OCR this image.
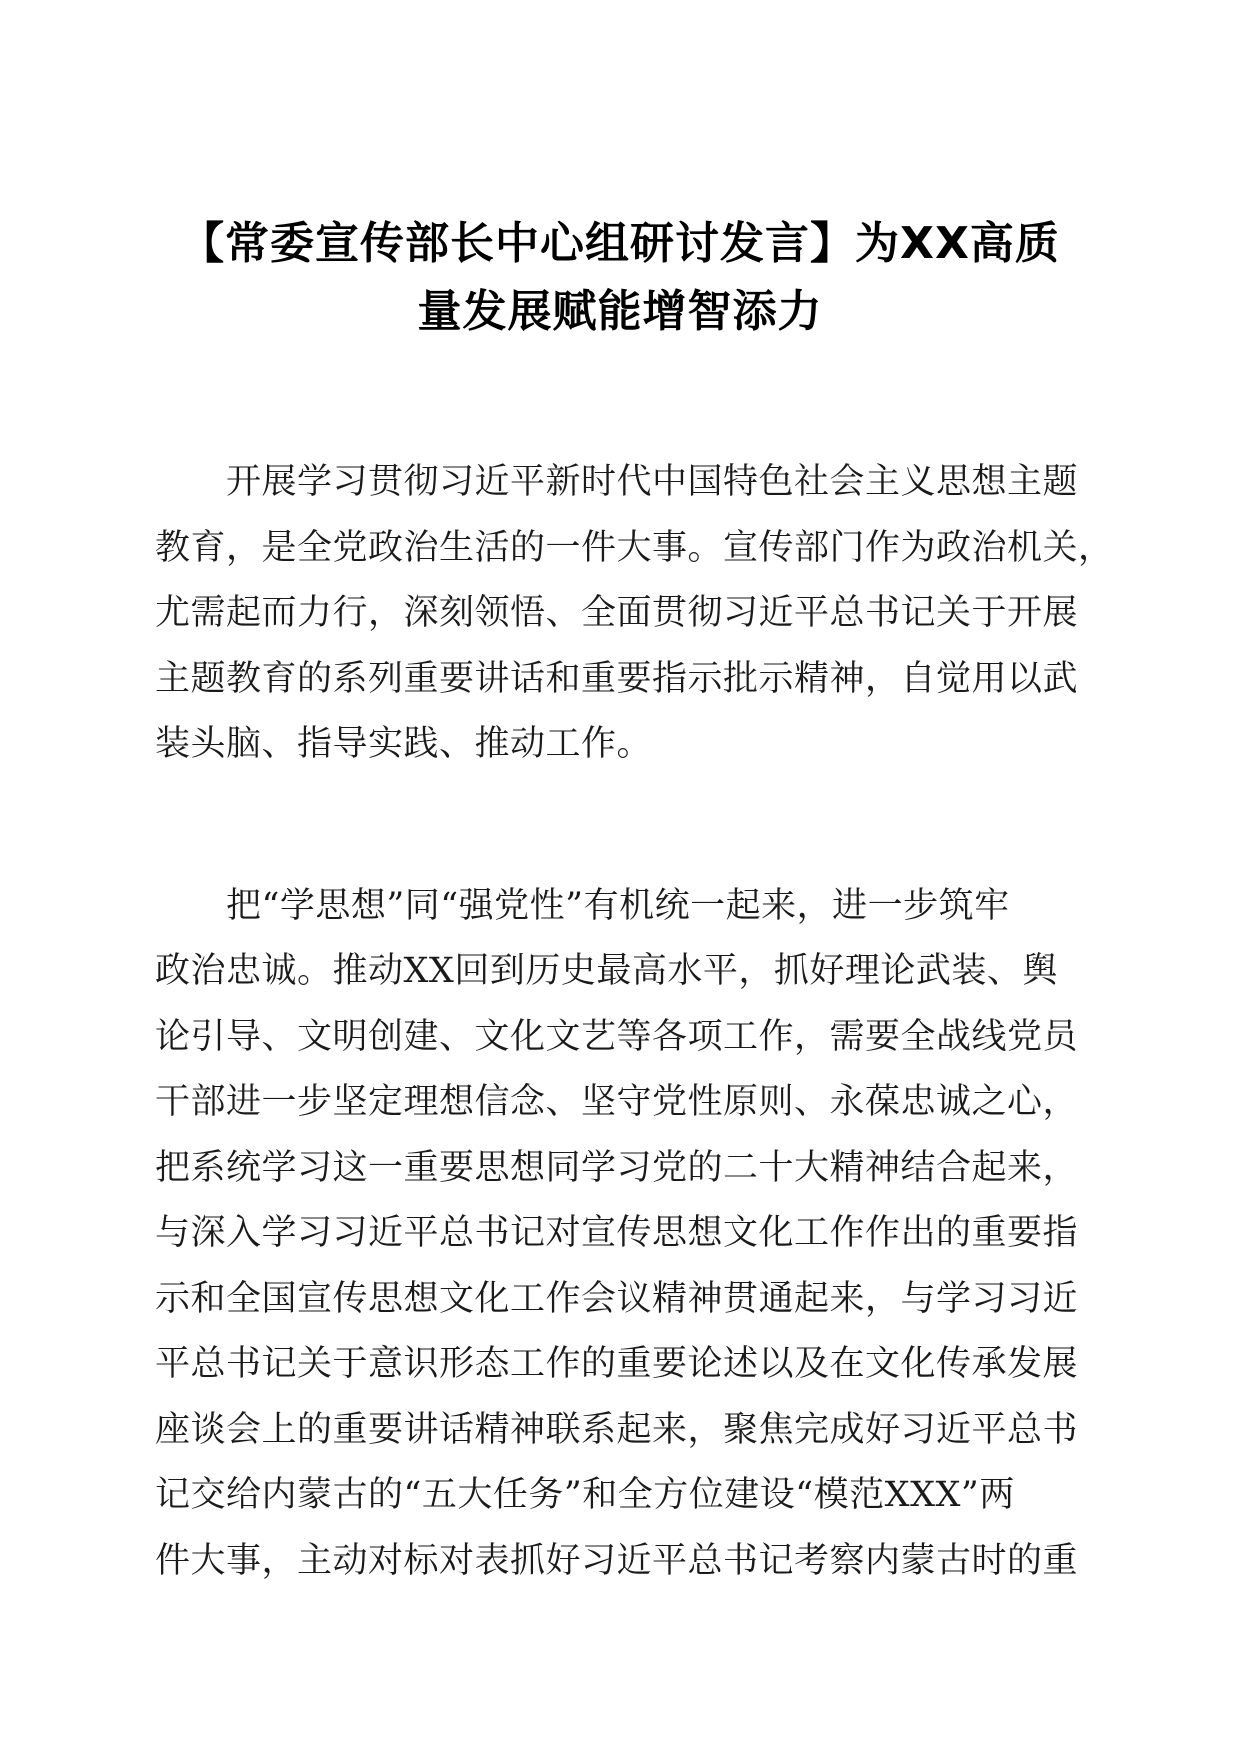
【常委宣传部长中心组研讨发言】为XX高质
量发展赋能增智添力
　　开展学习贯彻习近平新时代中国特色社会主义思想主题
教育，是全党政治生活的一件大事。宣传部门作为政治机关，
尤需起而力行，深刻领悟、全面贯彻习近平总书记关于开展
主题教育的系列重要讲话和重要指示批示精神，自觉用以武
装头脑、指导实践、推动工作。
　　把“学思想”同“强党性”有机统一起来，进一步筑牢
政治忠诚。推动XX回到历史最高水平，抓好理论武装、舆
论引导、文明创建、文化文艺等各项工作，需要全战线党员
干部进一步坚定理想信念、坚守党性原则、永葆忠诚之心，
把系统学习这一重要思想同学习党的二十大精神结合起来，
与深入学习习近平总书记对宣传思想文化工作作出的重要指
示和全国宣传思想文化工作会议精神贯通起来，与学习习近
平总书记关于意识形态工作的重要论述以及在文化传承发展
座谈会上的重要讲话精神联系起来，聚焦完成好习近平总书
记交给内蒙古的“五大任务”和全方位建设“模范XXX”两
件大事，主动对标对表抓好习近平总书记考察内蒙古时的重
